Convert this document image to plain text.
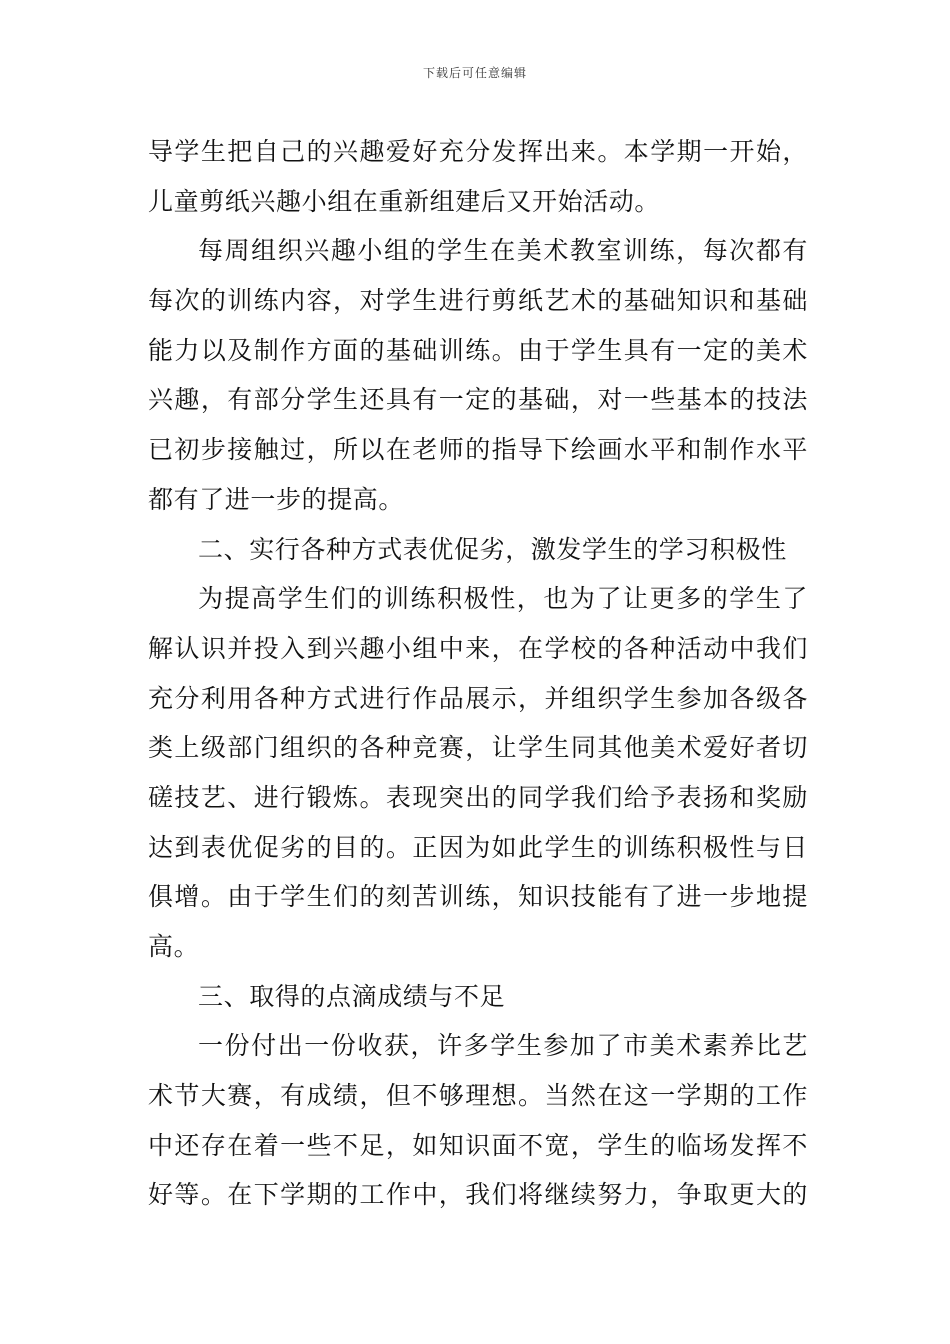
下载后可任意编辑
导学生把自己的兴趣爱好充分发挥出来。本学期一开始，
儿童剪纸兴趣小组在重新组建后又开始活动。
每周组织兴趣小组的学生在美术教室训练，每次都有
每次的训练内容，对学生进行剪纸艺术的基础知识和基础
能力以及制作方面的基础训练。由于学生具有一定的美术
兴趣，有部分学生还具有一定的基础，对一些基本的技法
已初步接触过，所以在老师的指导下绘画水平和制作水平
都有了进一步的提高。
二、实行各种方式表优促劣，激发学生的学习积极性
为提高学生们的训练积极性，也为了让更多的学生了
解认识并投入到兴趣小组中来，在学校的各种活动中我们
充分利用各种方式进行作品展示，并组织学生参加各级各
类上级部门组织的各种竞赛，让学生同其他美术爱好者切
磋技艺、进行锻炼。表现突出的同学我们给予表扬和奖励
达到表优促劣的目的。正因为如此学生的训练积极性与日
俱增。由于学生们的刻苦训练，知识技能有了进一步地提
高。
三、取得的点滴成绩与不足
一份付出一份收获，许多学生参加了市美术素养比艺
术节大赛，有成绩，但不够理想。当然在这一学期的工作
中还存在着一些不足，如知识面不宽，学生的临场发挥不
好等。在下学期的工作中，我们将继续努力，争取更大的
